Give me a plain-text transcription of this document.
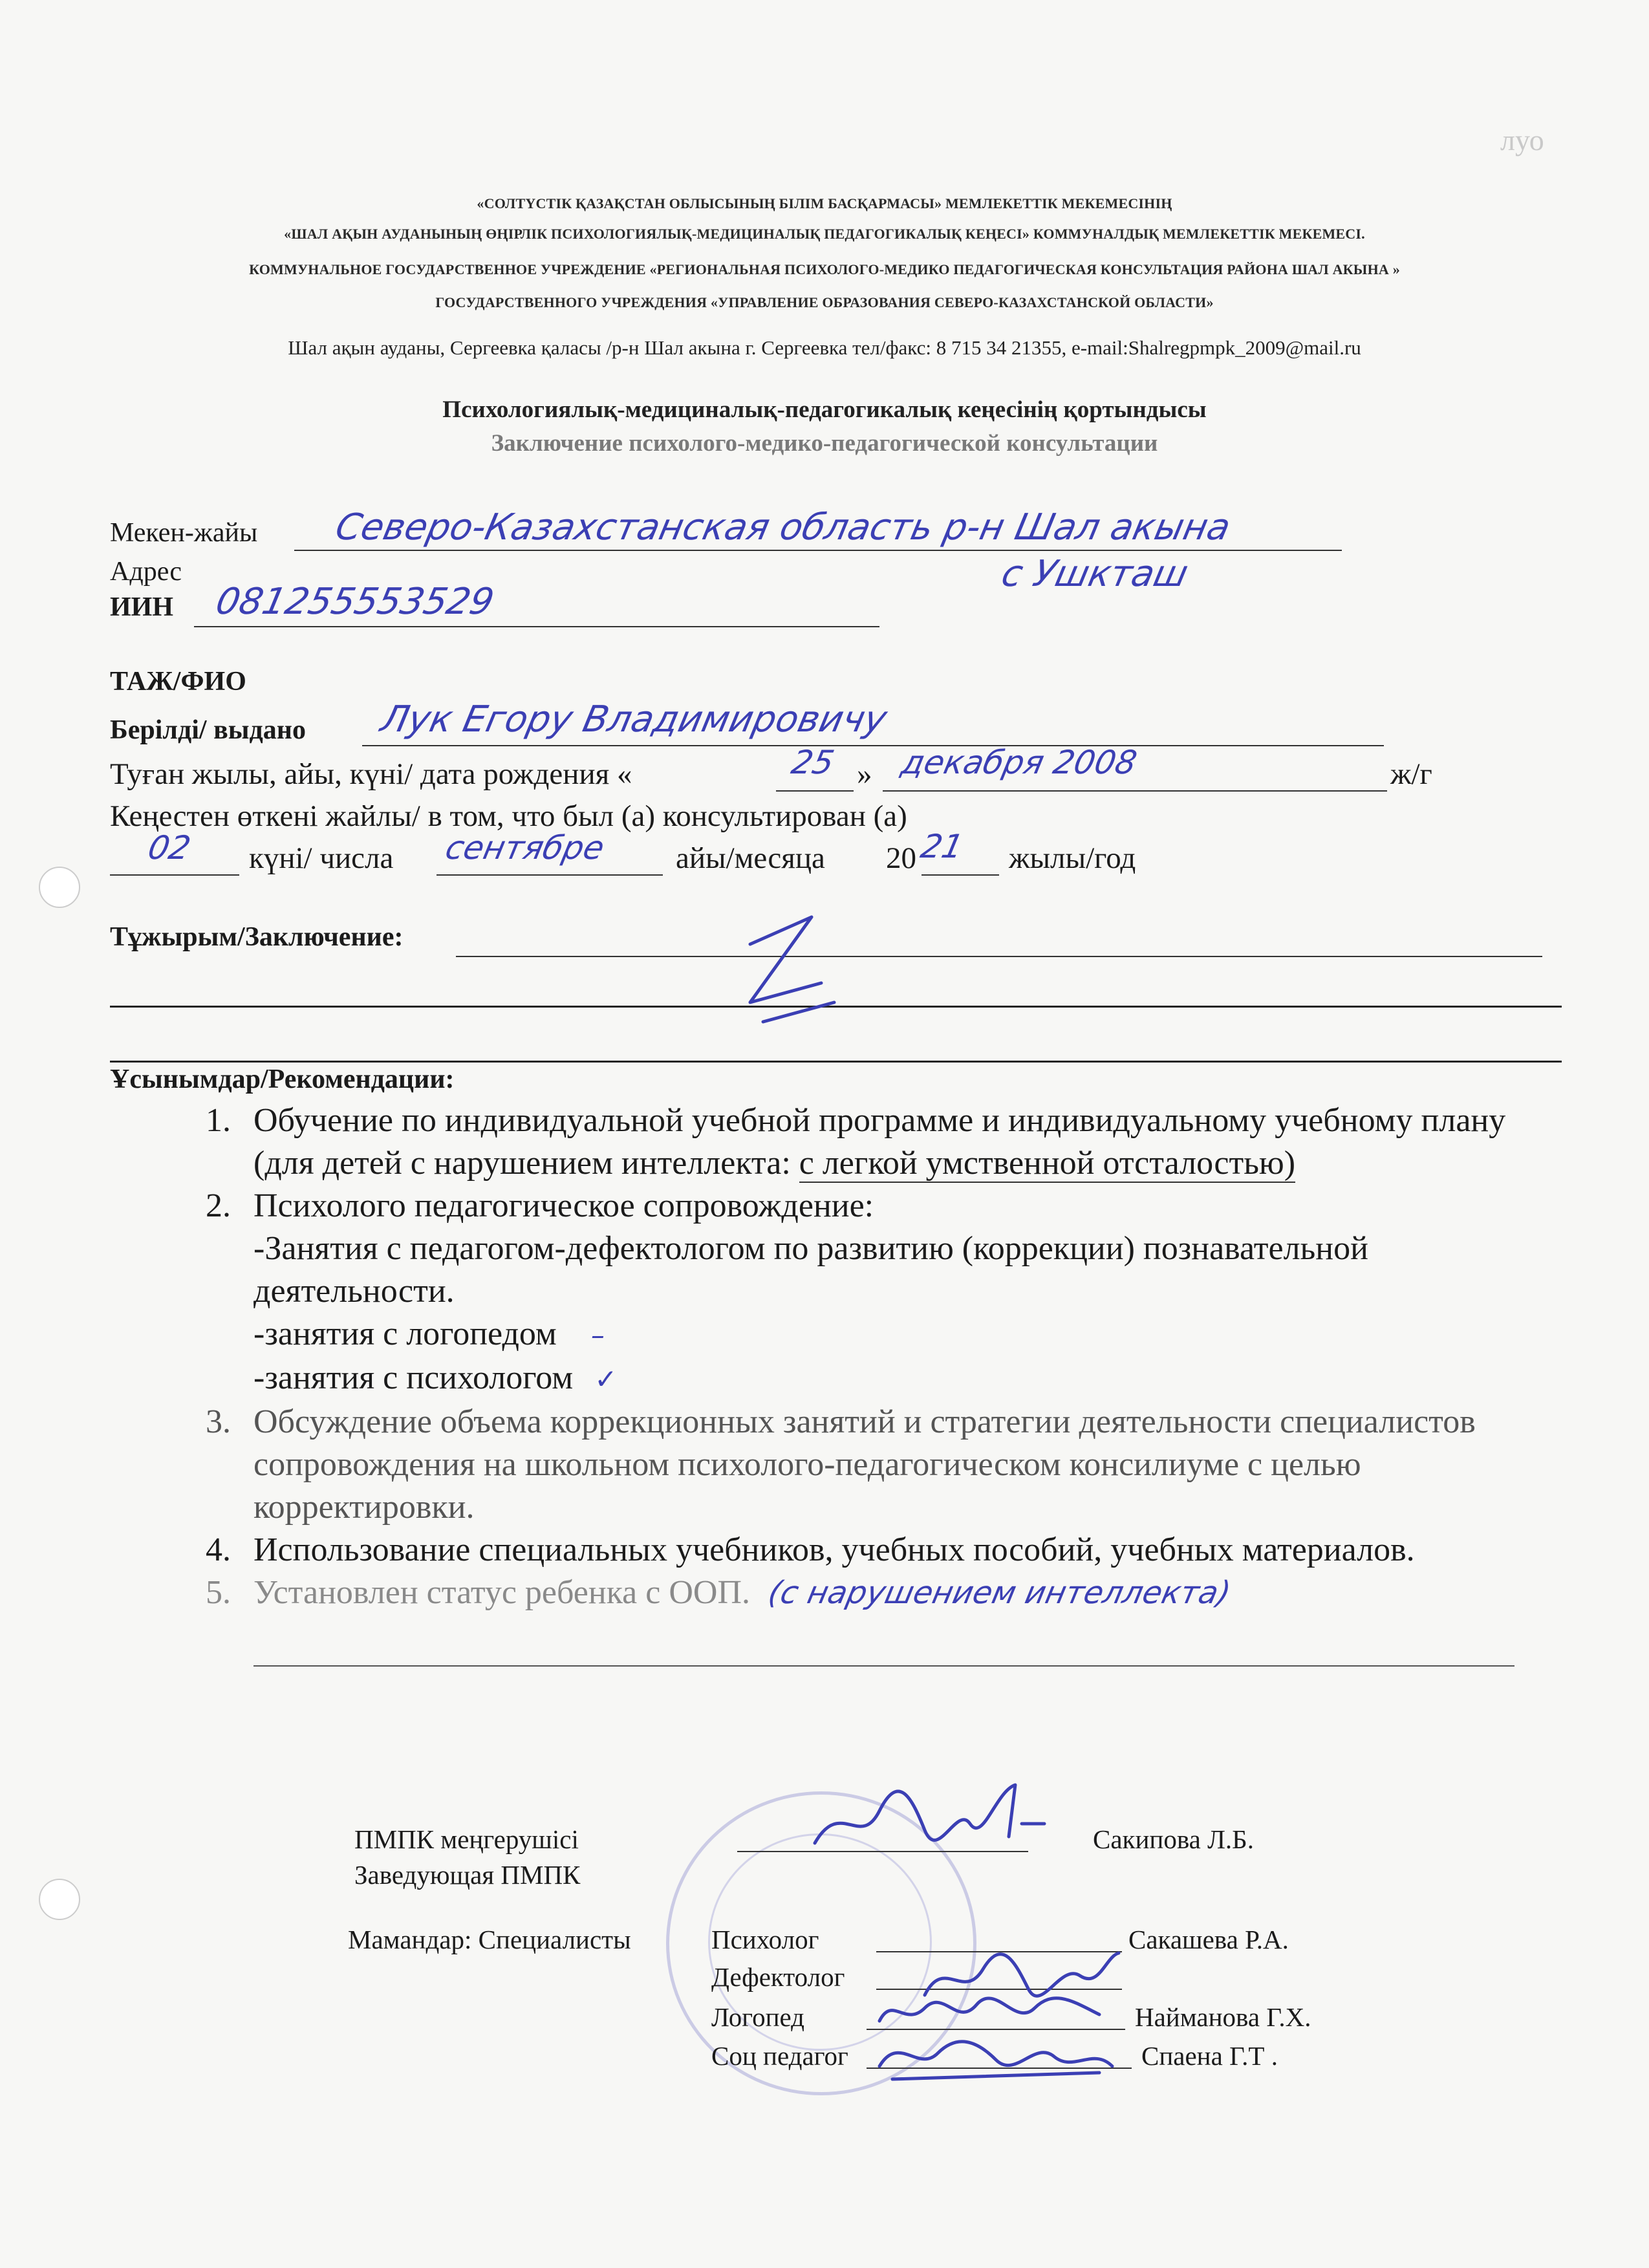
луо
«СОЛТҮСТІК ҚАЗАҚСТАН ОБЛЫСЫНЫҢ БІЛІМ БАСҚАРМАСЫ» МЕМЛЕКЕТТІК МЕКЕМЕСІНІҢ
«ШАЛ АҚЫН АУДАНЫНЫҢ ӨҢІРЛІК ПСИХОЛОГИЯЛЫҚ-МЕДИЦИНАЛЫҚ ПЕДАГОГИКАЛЫҚ КЕҢЕСІ» КОММУНАЛДЫҚ МЕМЛЕКЕТТІК МЕКЕМЕСІ.
КОММУНАЛЬНОЕ ГОСУДАРСТВЕННОЕ УЧРЕЖДЕНИЕ «РЕГИОНАЛЬНАЯ ПСИХОЛОГО-МЕДИКО ПЕДАГОГИЧЕСКАЯ КОНСУЛЬТАЦИЯ РАЙОНА ШАЛ АКЫНА »
ГОСУДАРСТВЕННОГО УЧРЕЖДЕНИЯ «УПРАВЛЕНИЕ ОБРАЗОВАНИЯ СЕВЕРО-КАЗАХСТАНСКОЙ ОБЛАСТИ»
Шал ақын ауданы, Сергеевка қаласы /р-н Шал акына г. Сергеевка тел/факс: 8 715 34 21355, e-mail:Shalregpmpk_2009@mail.ru
Психологиялық-медициналық-педагогикалық кеңесінің қортындысы
Заключение психолого-медико-педагогической консультации
Мекен-жайы Северо-Казахстанская область р-н Шал акына
Адрес	с Ушкташ
ИИН 081255553529
ТАЖ/ФИО
Берілді/ выдано Лук Егору Владимировичу
Туған жылы, айы, күні/ дата рождения «	25 » декабря 2008	ж/г
Кеңестен өткені жайлы/ в том, что был (а) консультирован (а)
02 күні/ числа сентябре айы/месяца 20 21 жылы/год
Тұжырым/Заключение:
Z
Ұсынымдар/Рекомендации:
1. Обучение по индивидуальной учебной программе и индивидуальному учебному плану (для детей с нарушением интеллекта: с легкой умственной отсталостью)
2. Психолого педагогическое сопровождение:
-Занятия с педагогом-дефектологом по развитию (коррекции) познавательной деятельности.
-занятия с логопедом –
-занятия с психологом ✓
3. Обсуждение объема коррекционных занятий и стратегии деятельности специалистов сопровождения на школьном психолого-педагогическом консилиуме с целью корректировки.
4. Использование специальных учебников, учебных пособий, учебных материалов.
5. Установлен статус ребенка с ООП. (с нарушением интеллекта)
ПМПК меңгерушісі
Заведующая ПМПК
Сакипова Л.Б.
Мамандар: Специалисты	Психолог	Сакашева Р.А.
Дефектолог
Логопед	Найманова Г.Х.
Соц педагог	Спаена Г.Т .
